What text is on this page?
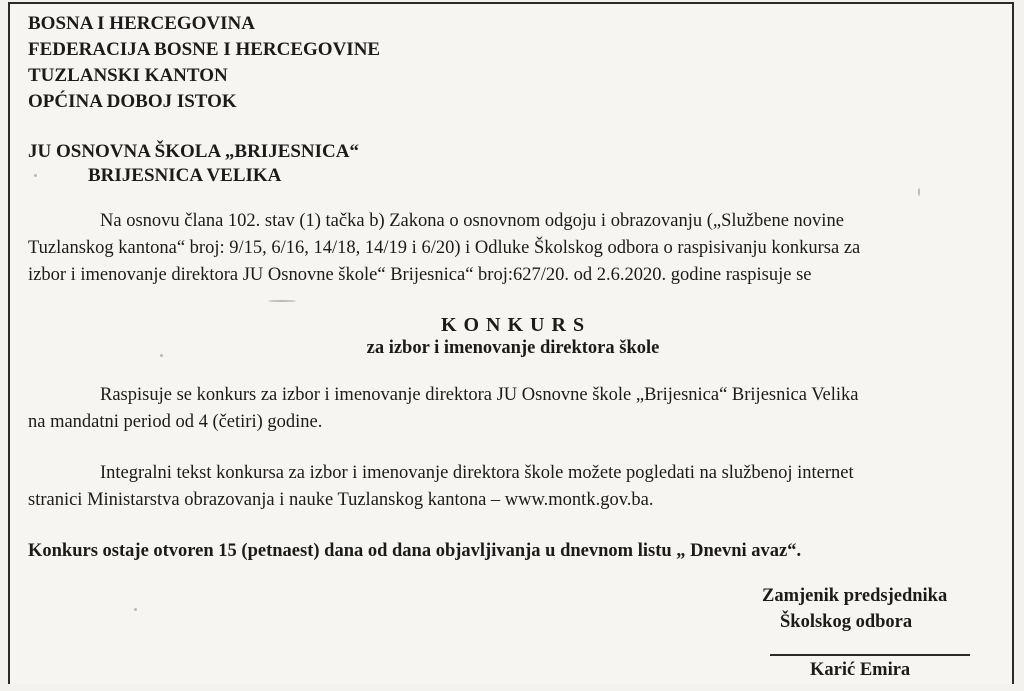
BOSNA I HERCEGOVINA
FEDERACIJA BOSNE I HERCEGOVINE
TUZLANSKI KANTON
OPĆINA DOBOJ ISTOK
JU OSNOVNA ŠKOLA „BRIJESNICA“
BRIJESNICA VELIKA
Na osnovu člana 102. stav (1) tačka b) Zakona o osnovnom odgoju i obrazovanju („Službene novine
Tuzlanskog kantona“ broj: 9/15, 6/16, 14/18, 14/19 i 6/20) i Odluke Školskog odbora o raspisivanju konkursa za
izbor i imenovanje direktora JU Osnovne škole“ Brijesnica“ broj:627/20. od 2.6.2020. godine raspisuje se
K O N K U R S
za izbor i imenovanje direktora škole
Raspisuje se konkurs za izbor i imenovanje direktora JU Osnovne škole „Brijesnica“ Brijesnica Velika
na mandatni period od 4 (četiri) godine.
Integralni tekst konkursa za izbor i imenovanje direktora škole možete pogledati na službenoj internet
stranici Ministarstva obrazovanja i nauke Tuzlanskog kantona – www.montk.gov.ba.
Konkurs ostaje otvoren 15 (petnaest) dana od dana objavljivanja u dnevnom listu „ Dnevni avaz“.
Zamjenik predsjednika
Školskog odbora
Karić Emira
